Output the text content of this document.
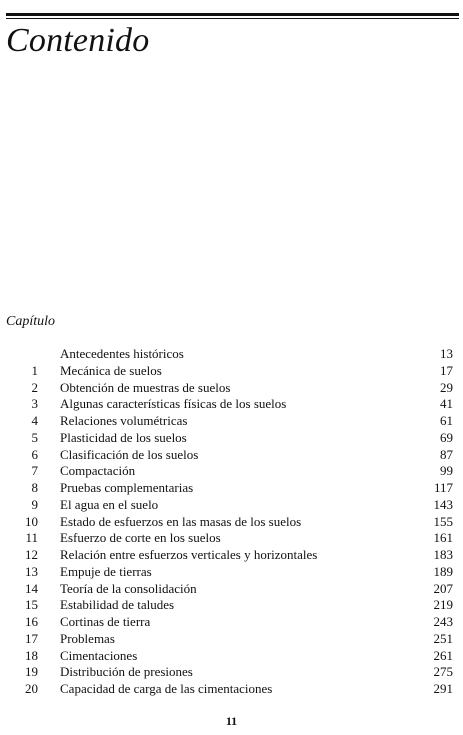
Contenido
Capítulo
Antecedentes históricos	13
1 Mecánica de suelos	17
2 Obtención de muestras de suelos	29
3 Algunas características físicas de los suelos	41
4 Relaciones volumétricas	61
5 Plasticidad de los suelos	69
6 Clasificación de los suelos	87
7 Compactación	99
8 Pruebas complementarias	117
9 El agua en el suelo	143
10 Estado de esfuerzos en las masas de los suelos	155
11 Esfuerzo de corte en los suelos	161
12 Relación entre esfuerzos verticales y horizontales	183
13 Empuje de tierras	189
14 Teoría de la consolidación	207
15 Estabilidad de taludes	219
16 Cortinas de tierra	243
17 Problemas	251
18 Cimentaciones	261
19 Distribución de presiones	275
20 Capacidad de carga de las cimentaciones	291
11
